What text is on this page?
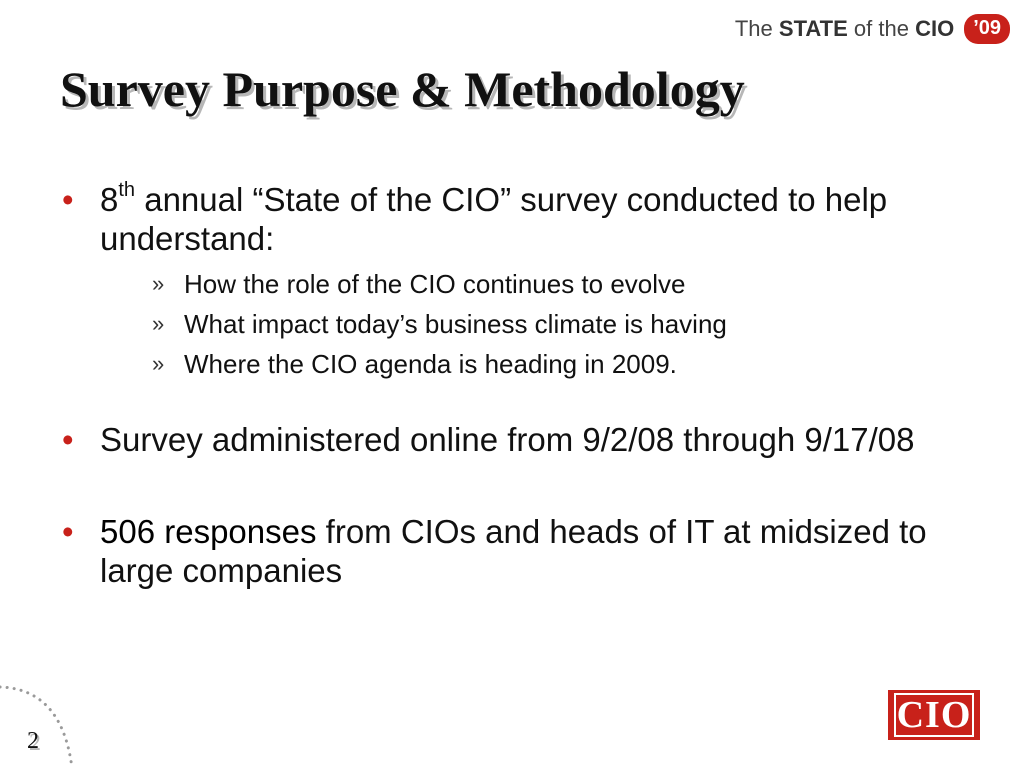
The
STATE
of the
CIO ’09
Survey Purpose & Methodology
• 8th annual “State of the CIO” survey conducted to help understand:
» How the role of the CIO continues to evolve
» What impact today’s business climate is having
» Where the CIO agenda is heading in 2009.
• Survey administered online from 9/2/08 through 9/17/08
• 506 responses from CIOs and heads of IT at midsized to large companies
2
CIO
